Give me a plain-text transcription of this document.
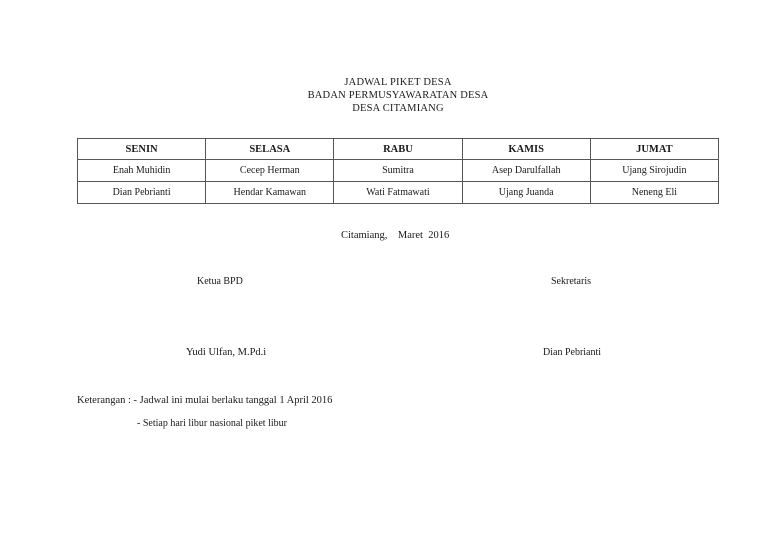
JADWAL PIKET DESA
BADAN PERMUSYAWARATAN DESA
DESA CITAMIANG
SENIN	SELASA	RABU	KAMIS	JUMAT
Enah Muhidin	Cecep Herman	Sumitra	Asep Darulfallah	Ujang Sirojudin
Dian Pebrianti	Hendar Kamawan	Wati Fatmawati	Ujang Juanda	Neneng Eli
Citamiang,    Maret  2016
Ketua BPD	Sekretaris
Yudi Ulfan, M.Pd.i	Dian Pebrianti
Keterangan : - Jadwal ini mulai berlaku tanggal 1 April 2016
- Setiap hari libur nasional piket libur
